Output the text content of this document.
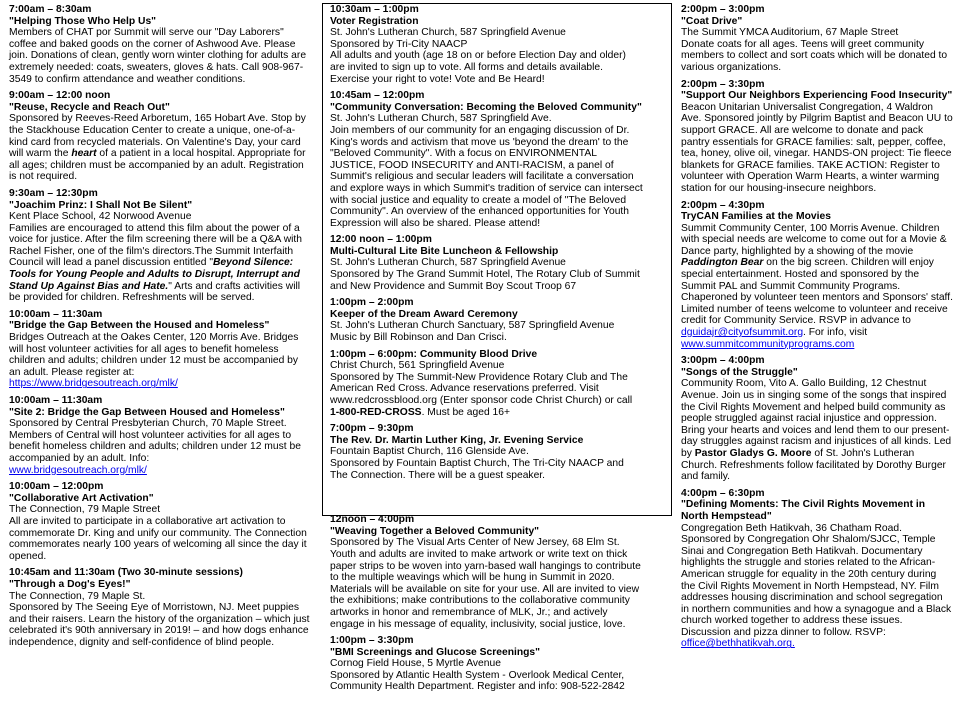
7:00am – 8:30am
"Helping Those Who Help Us"
Members of CHAT por Summit will serve our "Day Laborers" coffee and baked goods on the corner of Ashwood Ave. Please join. Donations of clean, gently worn winter clothing for adults are extremely needed: coats, sweaters, gloves & hats. Call 908-967-3549 to confirm attendance and weather conditions.
9:00am – 12:00 noon
"Reuse, Recycle and Reach Out"
Sponsored by Reeves-Reed Arboretum, 165 Hobart Ave. Stop by the Stackhouse Education Center to create a unique, one-of-a-kind card from recycled materials. On Valentine's Day, your card will warm the heart of a patient in a local hospital. Appropriate for all ages; children must be accompanied by an adult. Registration is not required.
9:30am – 12:30pm
"Joachim Prinz: I Shall Not Be Silent"
Kent Place School, 42 Norwood Avenue
Families are encouraged to attend this film about the power of a voice for justice. After the film screening there will be a Q&A with Rachel Fisher, one of the film's directors.The Summit Interfaith Council will lead a panel discussion entitled "Beyond Silence: Tools for Young People and Adults to Disrupt, Interrupt and Stand Up Against Bias and Hate." Arts and crafts activities will be provided for children. Refreshments will be served.
10:00am – 11:30am
"Bridge the Gap Between the Housed and Homeless"
Bridges Outreach at the Oakes Center, 120 Morris Ave. Bridges will host volunteer activities for all ages to benefit homeless children and adults; children under 12 must be accompanied by an adult. Please register at:
https://www.bridgesoutreach.org/mlk/
10:00am – 11:30am
"Site 2: Bridge the Gap Between Housed and Homeless"
Sponsored by Central Presbyterian Church, 70 Maple Street. Members of Central will host volunteer activities for all ages to benefit homeless children and adults; children under 12 must be accompanied by an adult. Info:
www.bridgesoutreach.org/mlk/
10:00am – 12:00pm
"Collaborative Art Activation"
The Connection, 79 Maple Street
All are invited to participate in a collaborative art activation to commemorate Dr. King and unify our community. The Connection commemorates nearly 100 years of welcoming all since the day it opened.
10:45am and 11:30am (Two 30-minute sessions)
"Through a Dog's Eyes!"
The Connection, 79 Maple St.
Sponsored by The Seeing Eye of Morristown, NJ. Meet puppies and their raisers. Learn the history of the organization – which just celebrated it's 90th anniversary in 2019! – and how dogs enhance independence, dignity and self-confidence of blind people.
10:30am – 1:00pm
Voter Registration
St. John's Lutheran Church, 587 Springfield Avenue
Sponsored by Tri-City NAACP
All adults and youth (age 18 on or before Election Day and older) are invited to sign up to vote. All forms and details available. Exercise your right to vote! Vote and Be Heard!
10:45am – 12:00pm
"Community Conversation: Becoming the Beloved Community"
St. John's Lutheran Church, 587 Springfield Ave.
Join members of our community for an engaging discussion of Dr. King's words and activism that move us 'beyond the dream' to the "Beloved Community". With a focus on ENVIRONMENTAL JUSTICE, FOOD INSECURITY and ANTI-RACISM, a panel of Summit's religious and secular leaders will facilitate a conversation and explore ways in which Summit's tradition of service can intersect with social justice and equality to create a model of "The Beloved Community". An overview of the enhanced opportunities for Youth Expression will also be shared. Please attend!
12:00 noon – 1:00pm
Multi-Cultural Lite Bite Luncheon & Fellowship
St. John's Lutheran Church, 587 Springfield Avenue
Sponsored by The Grand Summit Hotel, The Rotary Club of Summit and New Providence and Summit Boy Scout Troop 67
1:00pm – 2:00pm
Keeper of the Dream Award Ceremony
St. John's Lutheran Church Sanctuary, 587 Springfield Avenue
Music by Bill Robinson and Dan Crisci.
1:00pm – 6:00pm: Community Blood Drive
Christ Church, 561 Springfield Avenue
Sponsored by The Summit-New Providence Rotary Club and The American Red Cross. Advance reservations preferred. Visit www.redcrossblood.org (Enter sponsor code Christ Church) or call
1-800-RED-CROSS. Must be aged 16+
7:00pm – 9:30pm
The Rev. Dr. Martin Luther King, Jr. Evening Service
Fountain Baptist Church, 116 Glenside Ave.
Sponsored by Fountain Baptist Church, The Tri-City NAACP and The Connection. There will be a guest speaker.
12noon – 4:00pm
"Weaving Together a Beloved Community"
Sponsored by The Visual Arts Center of New Jersey, 68 Elm St. Youth and adults are invited to make artwork or write text on thick paper strips to be woven into yarn-based wall hangings to contribute to the multiple weavings which will be hung in Summit in 2020. Materials will be available on site for your use. All are invited to view the exhibitions; make contributions to the collaborative community artworks in honor and remembrance of MLK, Jr.; and actively engage in his message of equality, inclusivity, social justice, love.
1:00pm – 3:30pm
"BMI Screenings and Glucose Screenings"
Cornog Field House, 5 Myrtle Avenue
Sponsored by Atlantic Health System - Overlook Medical Center, Community Health Department. Register and info: 908-522-2842
2:00pm – 3:00pm
"Coat Drive"
The Summit YMCA Auditorium, 67 Maple Street
Donate coats for all ages. Teens will greet community members to collect and sort coats which will be donated to various organizations.
2:00pm – 3:30pm
"Support Our Neighbors Experiencing Food Insecurity"
Beacon Unitarian Universalist Congregation, 4 Waldron Ave. Sponsored jointly by Pilgrim Baptist and Beacon UU to support GRACE. All are welcome to donate and pack pantry essentials for GRACE families: salt, pepper, coffee, tea, honey, olive oil, vinegar. HANDS-ON project: Tie fleece blankets for GRACE families. TAKE ACTION: Register to volunteer with Operation Warm Hearts, a winter warming station for our housing-insecure neighbors.
2:00pm – 4:30pm
TryCAN Families at the Movies
Summit Community Center, 100 Morris Avenue. Children with special needs are welcome to come out for a Movie & Dance party, highlighted by a showing of the movie Paddington Bear on the big screen. Children will enjoy special entertainment. Hosted and sponsored by the Summit PAL and Summit Community Programs. Chaperoned by volunteer teen mentors and Sponsors' staff. Limited number of teens welcome to volunteer and receive credit for Community Service. RSVP in advance to dguidajr@cityofsummit.org. For info, visit www.summitcommunityprograms.com
3:00pm – 4:00pm
"Songs of the Struggle"
Community Room, Vito A. Gallo Building, 12 Chestnut Avenue. Join us in singing some of the songs that inspired the Civil Rights Movement and helped build community as people struggled against racial injustice and oppression. Bring your hearts and voices and lend them to our present-day struggles against racism and injustices of all kinds. Led by Pastor Gladys G. Moore of St. John's Lutheran Church. Refreshments follow facilitated by Dorothy Burger and family.
4:00pm – 6:30pm
"Defining Moments: The Civil Rights Movement in North Hempstead"
Congregation Beth Hatikvah, 36 Chatham Road. Sponsored by Congregation Ohr Shalom/SJCC, Temple Sinai and Congregation Beth Hatikvah. Documentary highlights the struggle and stories related to the African-American struggle for equality in the 20th century during the Civil Rights Movement in North Hempstead, NY. Film addresses housing discrimination and school segregation in northern communities and how a synagogue and a Black church worked together to address these issues. Discussion and pizza dinner to follow. RSVP: office@bethhatikvah.org.
